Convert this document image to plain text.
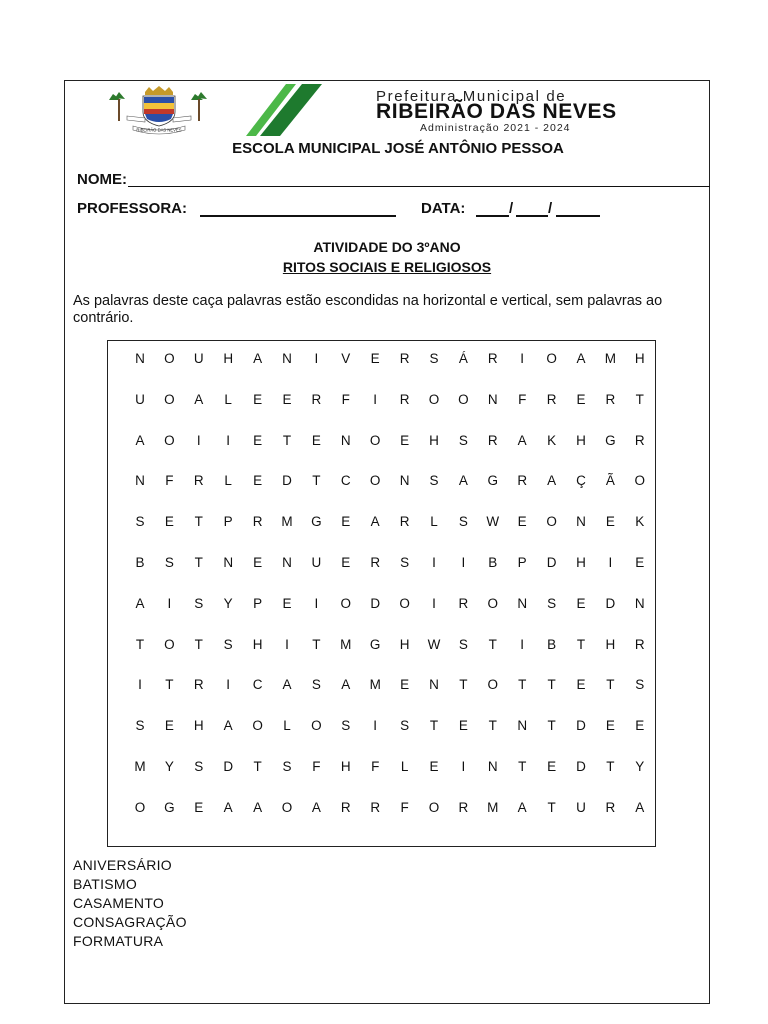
RIBEIRÃO DAS NEVES
Prefeitura Municipal de
RIBEIRÃO DAS NEVES
Administração 2021 - 2024
ESCOLA MUNICIPAL JOSÉ ANTÔNIO PESSOA
NOME:
PROFESSORA:	DATA:	/ /
ATIVIDADE DO 3ºANO
RITOS SOCIAIS E RELIGIOSOS
As palavras deste caça palavras estão escondidas na horizontal e vertical, sem palavras ao contrário.
N	O	U	H	A	N	I	V	E	R	S	Á	R	I	O	A	M	H
U	O	A	L	E	E	R	F	I	R	O	O	N	F	R	E	R	T
A	O	I	I	E	T	E	N	O	E	H	S	R	A	K	H	G	R
N	F	R	L	E	D	T	C	O	N	S	A	G	R	A	Ç	Ã	O
S	E	T	P	R	M	G	E	A	R	L	S	W	E	O	N	E	K
B	S	T	N	E	N	U	E	R	S	I	I	B	P	D	H	I	E
A	I	S	Y	P	E	I	O	D	O	I	R	O	N	S	E	D	N
T	O	T	S	H	I	T	M	G	H	W	S	T	I	B	T	H	R
I	T	R	I	C	A	S	A	M	E	N	T	O	T	T	E	T	S
S	E	H	A	O	L	O	S	I	S	T	E	T	N	T	D	E	E
M	Y	S	D	T	S	F	H	F	L	E	I	N	T	E	D	T	Y
O	G	E	A	A	O	A	R	R	F	O	R	M	A	T	U	R	A
ANIVERSÁRIO
BATISMO
CASAMENTO
CONSAGRAÇÃO
FORMATURA
